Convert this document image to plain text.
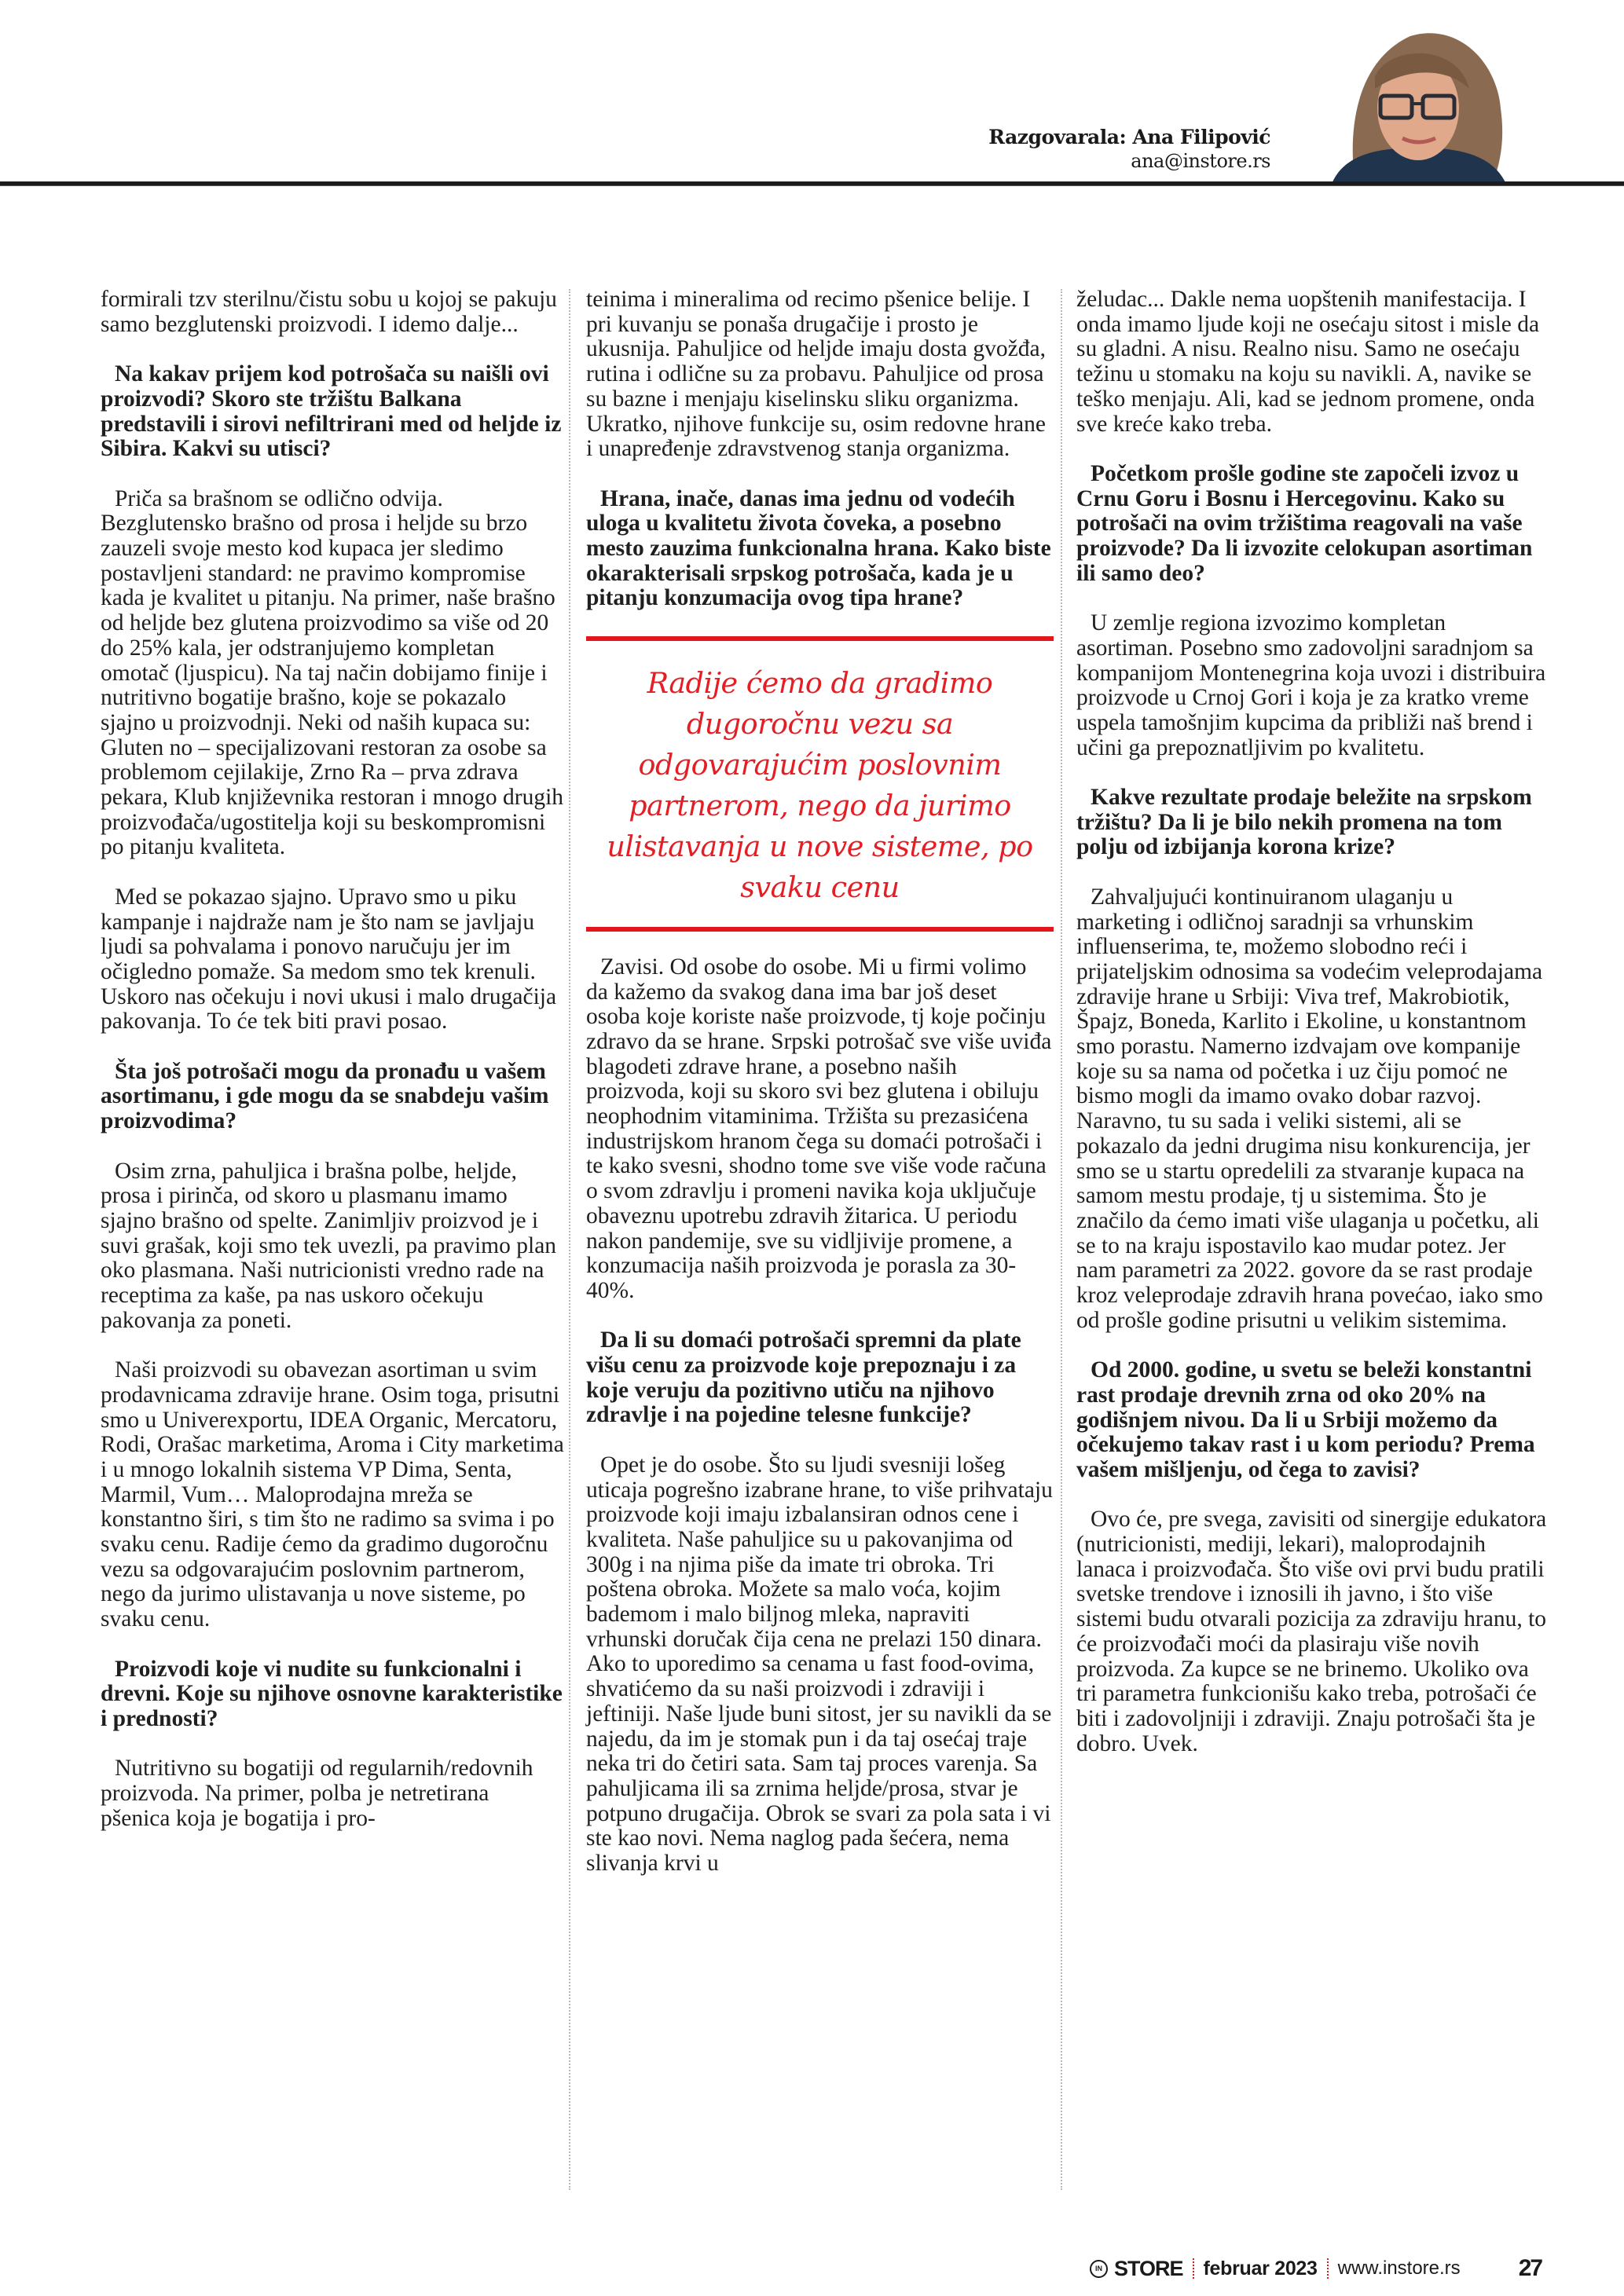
Razgovarala: Ana Filipović
ana@instore.rs

formirali tzv sterilnu/čistu sobu u kojoj se pakuju samo bezglutenski proizvodi. I idemo dalje...

Na kakav prijem kod potrošača su naišli ovi proizvodi? Skoro ste tržištu Balkana predstavili i sirovi nefiltrirani med od heljde iz Sibira. Kakvi su utisci?

Priča sa brašnom se odlično odvija. Bezglutensko brašno od prosa i heljde su brzo zauzeli svoje mesto kod kupaca jer sledimo postavljeni standard: ne pravimo kompromise kada je kvalitet u pitanju. Na primer, naše brašno od heljde bez glutena proizvodimo sa više od 20 do 25% kala, jer odstranjujemo kompletan omotač (ljuspicu). Na taj način dobijamo finije i nutritivno bogatije brašno, koje se pokazalo sjajno u proizvodnji. Neki od naših kupaca su: Gluten no – specijalizovani restoran za osobe sa problemom cejilakije, Zrno Ra – prva zdrava pekara, Klub književnika restoran i mnogo drugih proizvođača/ugostitelja koji su beskompromisni po pitanju kvaliteta.

Med se pokazao sjajno. Upravo smo u piku kampanje i najdraže nam je što nam se javljaju ljudi sa pohvalama i ponovo naručuju jer im očigledno pomaže. Sa medom smo tek krenuli. Uskoro nas očekuju i novi ukusi i malo drugačija pakovanja. To će tek biti pravi posao.

Šta još potrošači mogu da pronađu u vašem asortimanu, i gde mogu da se snabdeju vašim proizvodima?

Osim zrna, pahuljica i brašna polbe, heljde, prosa i pirinča, od skoro u plasmanu imamo sjajno brašno od spelte. Zanimljiv proizvod je i suvi grašak, koji smo tek uvezli, pa pravimo plan oko plasmana. Naši nutricionisti vredno rade na receptima za kaše, pa nas uskoro očekuju pakovanja za poneti.

Naši proizvodi su obavezan asortiman u svim prodavnicama zdravije hrane. Osim toga, prisutni smo u Univerexportu, IDEA Organic, Mercatoru, Rodi, Orašac marketima, Aroma i City marketima i u mnogo lokalnih sistema VP Dima, Senta, Marmil, Vum… Maloprodajna mreža se konstantno širi, s tim što ne radimo sa svima i po svaku cenu. Radije ćemo da gradimo dugoročnu vezu sa odgovarajućim poslovnim partnerom, nego da jurimo ulistavanja u nove sisteme, po svaku cenu.

Proizvodi koje vi nudite su funkcionalni i drevni. Koje su njihove osnovne karakteristike i prednosti?

Nutritivno su bogatiji od regularnih/redovnih proizvoda. Na primer, polba je netretirana pšenica koja je bogatija i pro-

teinima i mineralima od recimo pšenice belije. I pri kuvanju se ponaša drugačije i prosto je ukusnija. Pahuljice od heljde imaju dosta gvožđa, rutina i odlične su za probavu. Pahuljice od prosa su bazne i menjaju kiselinsku sliku organizma. Ukratko, njihove funkcije su, osim redovne hrane i unapređenje zdravstvenog stanja organizma.

Hrana, inače, danas ima jednu od vodećih uloga u kvalitetu života čoveka, a posebno mesto zauzima funkcionalna hrana. Kako biste okarakterisali srpskog potrošača, kada je u pitanju konzumacija ovog tipa hrane?

Radije ćemo da gradimo
dugoročnu vezu sa
odgovarajućim poslovnim
partnerom, nego da jurimo
ulistavanja u nove sisteme, po
svaku cenu

Zavisi. Od osobe do osobe. Mi u firmi volimo da kažemo da svakog dana ima bar još deset osoba koje koriste naše proizvode, tj koje počinju zdravo da se hrane. Srpski potrošač sve više uviđa blagodeti zdrave hrane, a posebno naših proizvoda, koji su skoro svi bez glutena i obiluju neophodnim vitaminima. Tržišta su prezasićena industrijskom hranom čega su domaći potrošači i te kako svesni, shodno tome sve više vode računa o svom zdravlju i promeni navika koja uključuje obaveznu upotrebu zdravih žitarica. U periodu nakon pandemije, sve su vidljivije promene, a konzumacija naših proizvoda je porasla za 30-40%.

Da li su domaći potrošači spremni da plate višu cenu za proizvode koje prepoznaju i za koje veruju da pozitivno utiču na njihovo zdravlje i na pojedine telesne funkcije?

Opet je do osobe. Što su ljudi svesniji lošeg uticaja pogrešno izabrane hrane, to više prihvataju proizvode koji imaju izbalansiran odnos cene i kvaliteta. Naše pahuljice su u pakovanjima od 300g i na njima piše da imate tri obroka. Tri poštena obroka. Možete sa malo voća, kojim bademom i malo biljnog mleka, napraviti vrhunski doručak čija cena ne prelazi 150 dinara. Ako to uporedimo sa cenama u fast food-ovima, shvatićemo da su naši proizvodi i zdraviji i jeftiniji. Naše ljude buni sitost, jer su navikli da se najedu, da im je stomak pun i da taj osećaj traje neka tri do četiri sata. Sam taj proces varenja. Sa pahuljicama ili sa zrnima heljde/prosa, stvar je potpuno drugačija. Obrok se svari za pola sata i vi ste kao novi. Nema naglog pada šećera, nema slivanja krvi u

želudac... Dakle nema uopštenih manifestacija. I onda imamo ljude koji ne osećaju sitost i misle da su gladni. A nisu. Realno nisu. Samo ne osećaju težinu u stomaku na koju su navikli. A, navike se teško menjaju. Ali, kad se jednom promene, onda sve kreće kako treba.

Početkom prošle godine ste započeli izvoz u Crnu Goru i Bosnu i Hercegovinu. Kako su potrošači na ovim tržištima reagovali na vaše proizvode? Da li izvozite celokupan asortiman ili samo deo?

U zemlje regiona izvozimo kompletan asortiman. Posebno smo zadovoljni saradnjom sa kompanijom Montenegrina koja uvozi i distribuira proizvode u Crnoj Gori i koja je za kratko vreme uspela tamošnjim kupcima da približi naš brend i učini ga prepoznatljivim po kvalitetu.

Kakve rezultate prodaje beležite na srpskom tržištu? Da li je bilo nekih promena na tom polju od izbijanja korona krize?

Zahvaljujući kontinuiranom ulaganju u marketing i odličnoj saradnji sa vrhunskim influenserima, te, možemo slobodno reći i prijateljskim odnosima sa vodećim veleprodajama zdravije hrane u Srbiji: Viva tref, Makrobiotik, Špajz, Boneda, Karlito i Ekoline, u konstantnom smo porastu. Namerno izdvajam ove kompanije koje su sa nama od početka i uz čiju pomoć ne bismo mogli da imamo ovako dobar razvoj. Naravno, tu su sada i veliki sistemi, ali se pokazalo da jedni drugima nisu konkurencija, jer smo se u startu opredelili za stvaranje kupaca na samom mestu prodaje, tj u sistemima. Što je značilo da ćemo imati više ulaganja u početku, ali se to na kraju ispostavilo kao mudar potez. Jer nam parametri za 2022. govore da se rast prodaje kroz veleprodaje zdravih hrana povećao, iako smo od prošle godine prisutni u velikim sistemima.

Od 2000. godine, u svetu se beleži konstantni rast prodaje drevnih zrna od oko 20% na godišnjem nivou. Da li u Srbiji možemo da očekujemo takav rast i u kom periodu? Prema vašem mišljenju, od čega to zavisi?

Ovo će, pre svega, zavisiti od sinergije edukatora (nutricionisti, mediji, lekari), maloprodajnih lanaca i proizvođača. Što više ovi prvi budu pratili svetske trendove i iznosili ih javno, i što više sistemi budu otvarali pozicija za zdraviju hranu, to će proizvođači moći da plasiraju više novih proizvoda. Za kupce se ne brinemo. Ukoliko ova tri parametra funkcionišu kako treba, potrošači će biti i zadovoljniji i zdraviji. Znaju potrošači šta je dobro. Uvek.

IN STORE februar 2023 www.instore.rs 27
